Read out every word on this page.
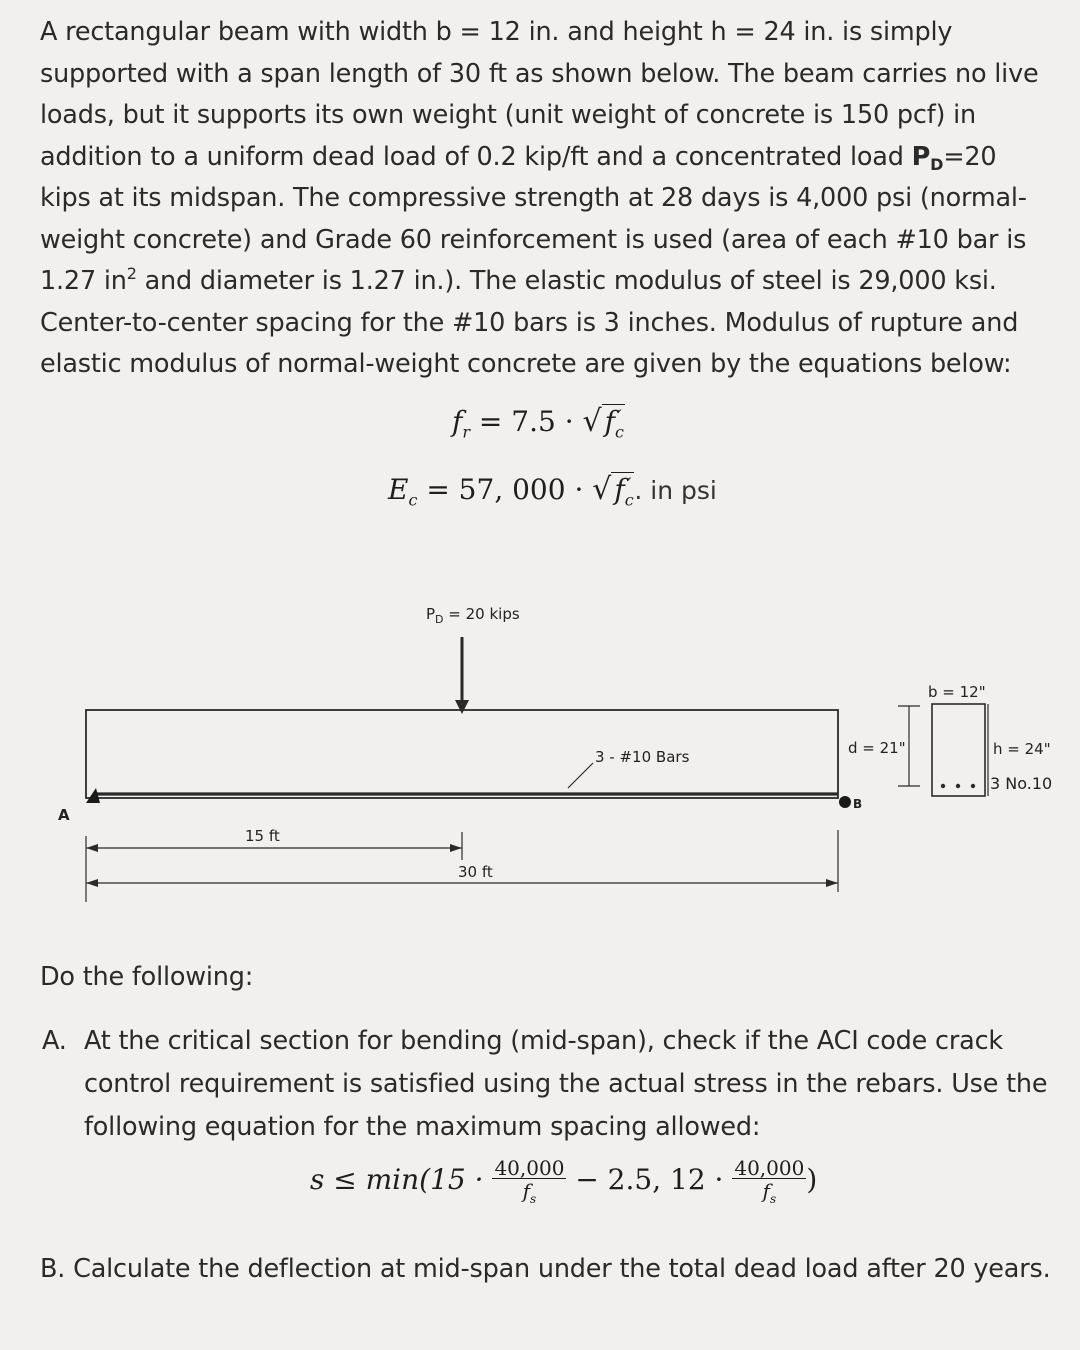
A rectangular beam with width b = 12 in. and height h = 24 in. is simply supported with a span length of 30 ft as shown below. The beam carries no live loads, but it supports its own weight (unit weight of concrete is 150 pcf) in addition to a uniform dead load of 0.2 kip/ft and a concentrated load $P_D=20$ kips at its midspan. The compressive strength at 28 days is 4,000 psi (normal-weight concrete) and Grade 60 reinforcement is used (area of each #10 bar is 1.27 $in^2$ and diameter is 1.27 in.). The elastic modulus of steel is 29,000 ksi. Center-to-center spacing for the #10 bars is 3 inches. Modulus of rupture and elastic modulus of normal-weight concrete are given by the equations below:
$f_r = 7.5$ · √ $f_c'$
$E_c = 57$, 000 · √ $f_c'$ . in psi
$P_D = 20$ kips
3 - #10 Bars
A
B
15 ft
30 ft
b = 12"
d = 21"	h = 24"
3 No.10
Do the following:
A. At the critical section for bending (mid-span), check if the ACI code crack control requirement is satisfied using the actual stress in the rebars. Use the following equation for the maximum spacing allowed:
$s \le \min(15 \cdot \frac{40,000}{f_s} - 2.5$, $12 \cdot \frac{40,000}{f_s}$ )
B. Calculate the deflection at mid-span under the total dead load after 20 years.
